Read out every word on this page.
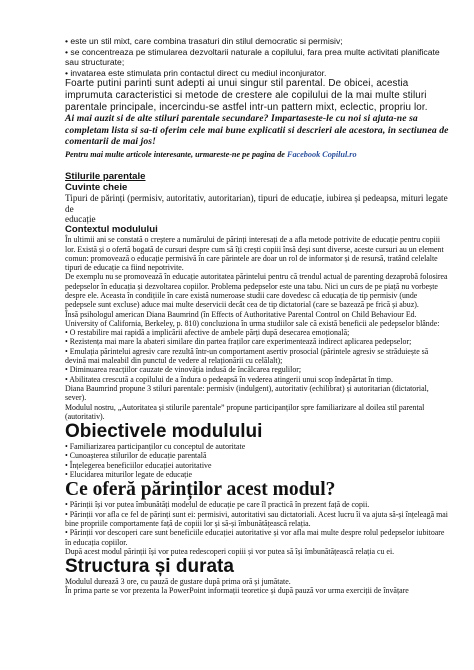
• este un stil mixt, care combina trasaturi din stilul democratic si permisiv;

• se concentreaza pe stimularea dezvoltarii naturale a copilului, fara prea multe activitati planificate sau structurate;

• invatarea este stimulata prin contactul direct cu mediul inconjurator.

Foarte putini parinti sunt adepti ai unui singur stil parental. De obicei, acestia imprumuta caracteristici si metode de crestere ale copilului de la mai multe stiluri parentale principale, incercindu-se astfel intr-un pattern mixt, eclectic, propriu lor.

Ai mai auzit si de alte stiluri parentale secundare? Impartaseste-le cu noi si ajuta-ne sa completam lista si sa-ti oferim cele mai bune explicatii si descrieri ale acestora, in sectiunea de comentarii de mai jos!

Pentru mai multe articole interesante, urmareste-ne pe pagina de Facebook Copilul.ro

Stilurile parentale

Cuvinte cheie

Tipuri de părinți (permisiv, autoritativ, autoritarian), tipuri de educație, iubirea și pedeapsa, mituri legate de

educație

Contextul modulului

În ultimii ani se constată o creștere a numărului de părinți interesați de a afla metode potrivite de educație pentru copiii lor. Există și o ofertă bogată de cursuri despre cum să îți crești copiii însă deși sunt diverse, aceste cursuri au un element comun: promovează o educație permisivă în care părintele are doar un rol de informator și de resursă, tratând celelalte tipuri de educație ca fiind nepotrivite.

De exemplu nu se promovează în educație autoritatea părintelui pentru că trendul actual de parenting dezaprobă folosirea pedepselor în educația și dezvoltarea copiilor. Problema pedepselor este una tabu. Nici un curs de pe piață nu vorbește despre ele. Aceasta în condițiile în care există numeroase studii care dovedesc că educația de tip permisiv (unde pedepsele sunt excluse) aduce mai multe deservicii decât cea de tip dictatorial (care se bazează pe frică și abuz).

Însă psihologul american Diana Baumrind (în Effects of Authoritative Parental Control on Child Behaviour Ed. University of California, Berkeley, p. 810) concluziona în urma studiilor sale că există beneficii ale pedepselor blânde:

• O restabilire mai rapidă a implicării afective de ambele părți după desecarea emoțională;

• Rezistența mai mare la abateri similare din partea fraților care experimentează indirect aplicarea pedepselor;

• Emulația părintelui agresiv care rezultă într-un comportament asertiv prosocial (părintele agresiv se străduiește să devină mai maleabil din punctul de vedere al relaționării cu celălalt);

• Diminuarea reacțiilor cauzate de vinovăția indusă de încălcarea regulilor;

• Abilitatea crescută a copilului de a îndura o pedeapsă în vederea atingerii unui scop îndepărtat în timp.

Diana Baumrind propune 3 stiluri parentale: permisiv (indulgent), autoritativ (echilibrat) și autoritarian (dictatorial, sever).

Modulul nostru, „Autoritatea și stilurile parentale” propune participanților spre familiarizare al doilea stil parental (autoritativ).

Obiectivele modulului

• Familiarizarea participanților cu conceptul de autoritate

• Cunoașterea stilurilor de educație parentală

• Înțelegerea beneficiilor educației autoritative

• Elucidarea miturilor legate de educație

Ce oferă părinților acest modul?

• Părinții își vor putea îmbunătăți modelul de educație pe care îl practică în prezent față de copii.

• Părinții vor afla ce fel de părinți sunt ei: permisivi, autoritativi sau dictatoriali. Acest lucru îi va ajuta să-și înțeleagă mai bine propriile comportamente față de copiii lor și să-și îmbunătățească relația.

• Părinții vor descoperi care sunt beneficiile educației autoritative și vor afla mai multe despre rolul pedepselor iubitoare în educația copiilor.

După acest modul părinții își vor putea redescoperi copiii și vor putea să își îmbunătățească relația cu ei.

Structura și durata

Modulul durează 3 ore, cu pauză de gustare după prima oră și jumătate.

În prima parte se vor prezenta la PowerPoint informații teoretice și după pauză vor urma exerciții de învățare
